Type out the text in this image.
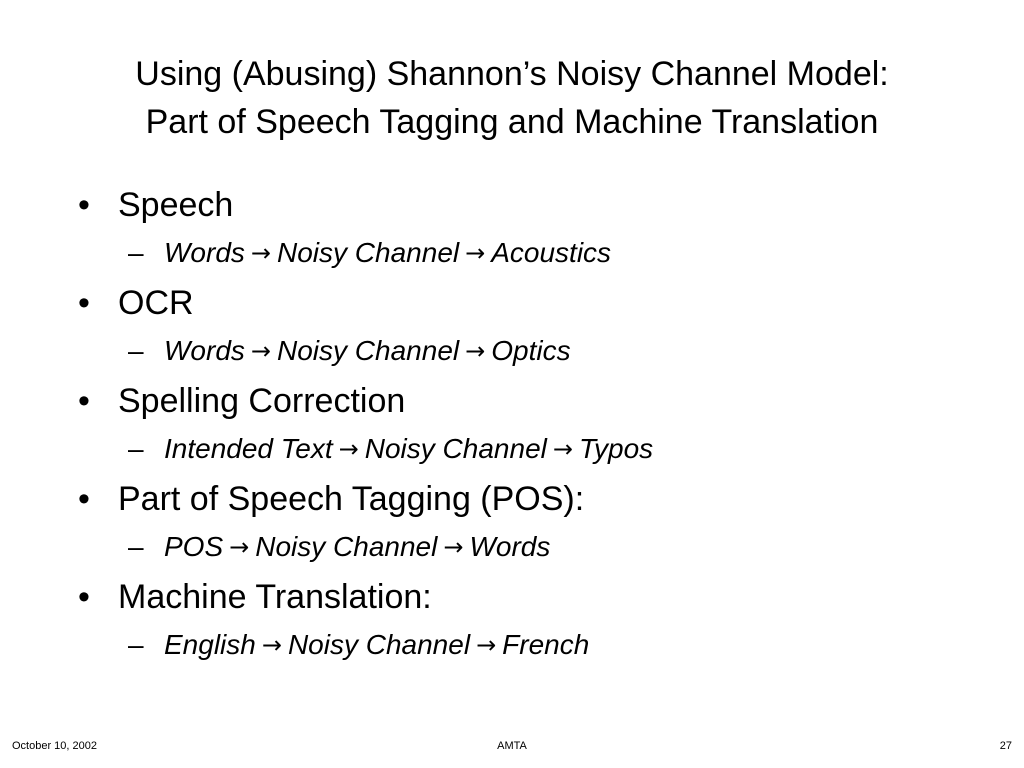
Using (Abusing) Shannon’s Noisy Channel Model:
Part of Speech Tagging and Machine Translation
• Speech
– Words → Noisy Channel → Acoustics
• OCR
– Words → Noisy Channel → Optics
• Spelling Correction
– Intended Text → Noisy Channel → Typos
• Part of Speech Tagging (POS):
– POS → Noisy Channel → Words
• Machine Translation:
– English → Noisy Channel → French
October 10, 2002	AMTA	27
